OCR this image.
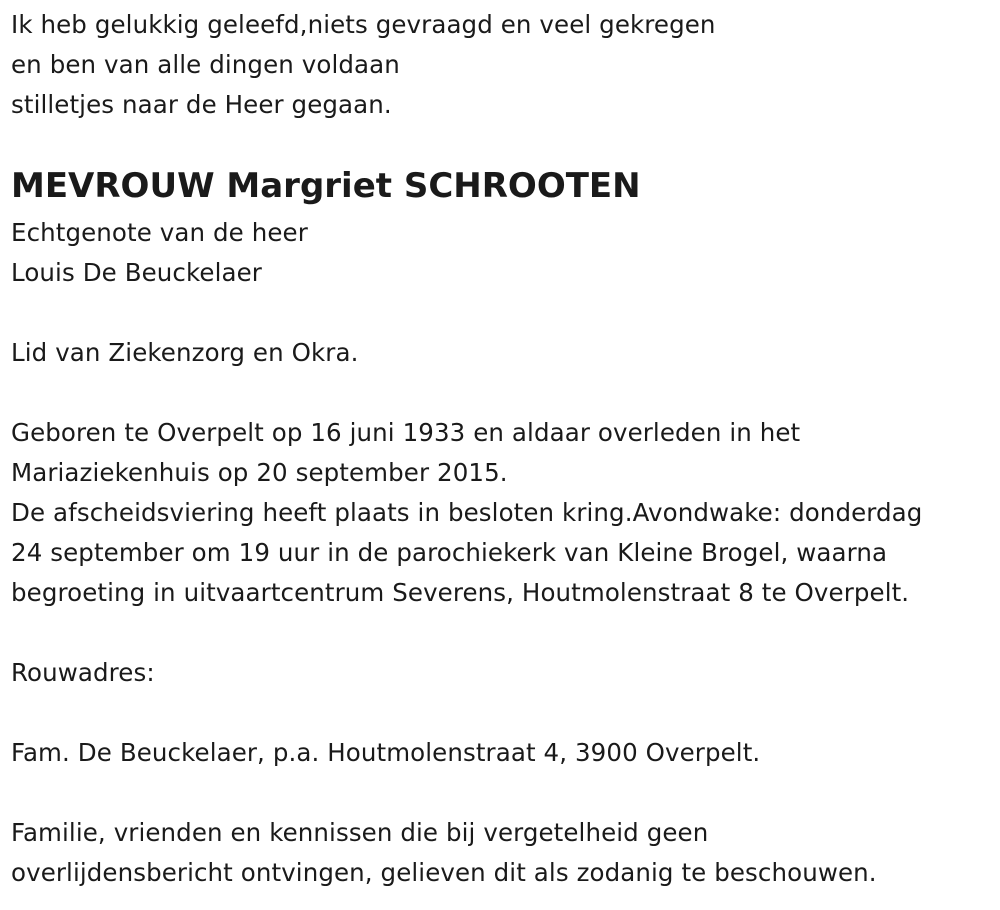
Ik heb gelukkig geleefd,niets gevraagd en veel gekregen
en ben van alle dingen voldaan
stilletjes naar de Heer gegaan.
MEVROUW Margriet SCHROOTEN
Echtgenote van de heer
Louis De Beuckelaer
Lid van Ziekenzorg en Okra.
Geboren te Overpelt op 16 juni 1933 en aldaar overleden in het
Mariaziekenhuis op 20 september 2015.
De afscheidsviering heeft plaats in besloten kring.Avondwake: donderdag
24 september om 19 uur in de parochiekerk van Kleine Brogel, waarna
begroeting in uitvaartcentrum Severens, Houtmolenstraat 8 te Overpelt.
Rouwadres:
Fam. De Beuckelaer, p.a. Houtmolenstraat 4, 3900 Overpelt.
Familie, vrienden en kennissen die bij vergetelheid geen
overlijdensbericht ontvingen, gelieven dit als zodanig te beschouwen.
